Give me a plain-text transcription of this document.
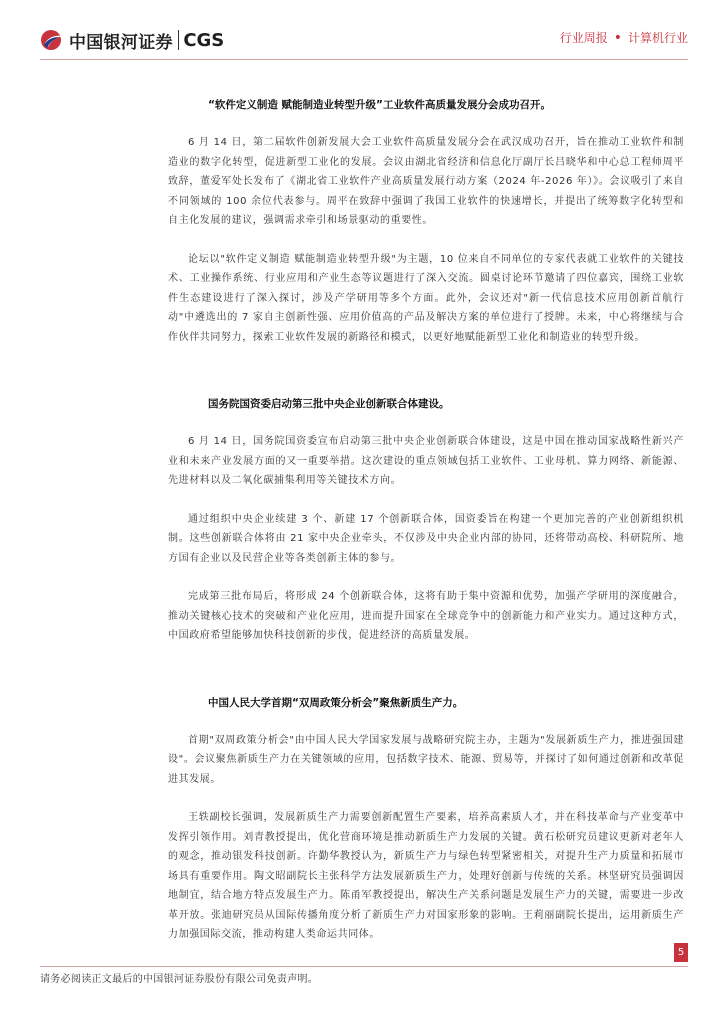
中国银河证券 CGS	行业周报 • 计算机行业
“软件定义制造 赋能制造业转型升级”工业软件高质量发展分会成功召开。

6 月 14 日，第二届软件创新发展大会工业软件高质量发展分会在武汉成功召开，旨在推动工业软件和制造业的数字化转型，促进新型工业化的发展。会议由湖北省经济和信息化厅副厅长吕晓华和中心总工程师周平致辞，董爱军处长发布了《湖北省工业软件产业高质量发展行动方案（2024 年-2026 年）》。会议吸引了来自不同领域的 100 余位代表参与。周平在致辞中强调了我国工业软件的快速增长，并提出了统筹数字化转型和自主化发展的建议，强调需求牵引和场景驱动的重要性。

论坛以"软件定义制造 赋能制造业转型升级"为主题，10 位来自不同单位的专家代表就工业软件的关键技术、工业操作系统、行业应用和产业生态等议题进行了深入交流。圆桌讨论环节邀请了四位嘉宾，围绕工业软件生态建设进行了深入探讨，涉及产学研用等多个方面。此外，会议还对"新一代信息技术应用创新首航行动"中遴选出的 7 家自主创新性强、应用价值高的产品及解决方案的单位进行了授牌。未来，中心将继续与合作伙伴共同努力，探索工业软件发展的新路径和模式，以更好地赋能新型工业化和制造业的转型升级。

国务院国资委启动第三批中央企业创新联合体建设。

6 月 14 日，国务院国资委宣布启动第三批中央企业创新联合体建设，这是中国在推动国家战略性新兴产业和未来产业发展方面的又一重要举措。这次建设的重点领域包括工业软件、工业母机、算力网络、新能源、先进材料以及二氧化碳捕集利用等关键技术方向。

通过组织中央企业续建 3 个、新建 17 个创新联合体，国资委旨在构建一个更加完善的产业创新组织机制。这些创新联合体将由 21 家中央企业牵头，不仅涉及中央企业内部的协同，还将带动高校、科研院所、地方国有企业以及民营企业等各类创新主体的参与。

完成第三批布局后，将形成 24 个创新联合体，这将有助于集中资源和优势，加强产学研用的深度融合，推动关键核心技术的突破和产业化应用，进而提升国家在全球竞争中的创新能力和产业实力。通过这种方式，中国政府希望能够加快科技创新的步伐，促进经济的高质量发展。

中国人民大学首期“双周政策分析会”聚焦新质生产力。

首期"双周政策分析会"由中国人民大学国家发展与战略研究院主办，主题为"发展新质生产力，推进强国建设"。会议聚焦新质生产力在关键领域的应用，包括数字技术、能源、贸易等，并探讨了如何通过创新和改革促进其发展。

王轶副校长强调，发展新质生产力需要创新配置生产要素，培养高素质人才，并在科技革命与产业变革中发挥引领作用。刘青教授提出，优化营商环境是推动新质生产力发展的关键。黄石松研究员建议更新对老年人的观念，推动银发科技创新。许勤华教授认为，新质生产力与绿色转型紧密相关，对提升生产力质量和拓展市场具有重要作用。陶文昭副院长主张科学方法发展新质生产力，处理好创新与传统的关系。林坚研究员强调因地制宜，结合地方特点发展生产力。陈甬军教授提出，解决生产关系问题是发展生产力的关键，需要进一步改革开放。张迪研究员从国际传播角度分析了新质生产力对国家形象的影响。王莉丽副院长提出，运用新质生产力加强国际交流，推动构建人类命运共同体。

5
请务必阅读正文最后的中国银河证券股份有限公司免责声明。
